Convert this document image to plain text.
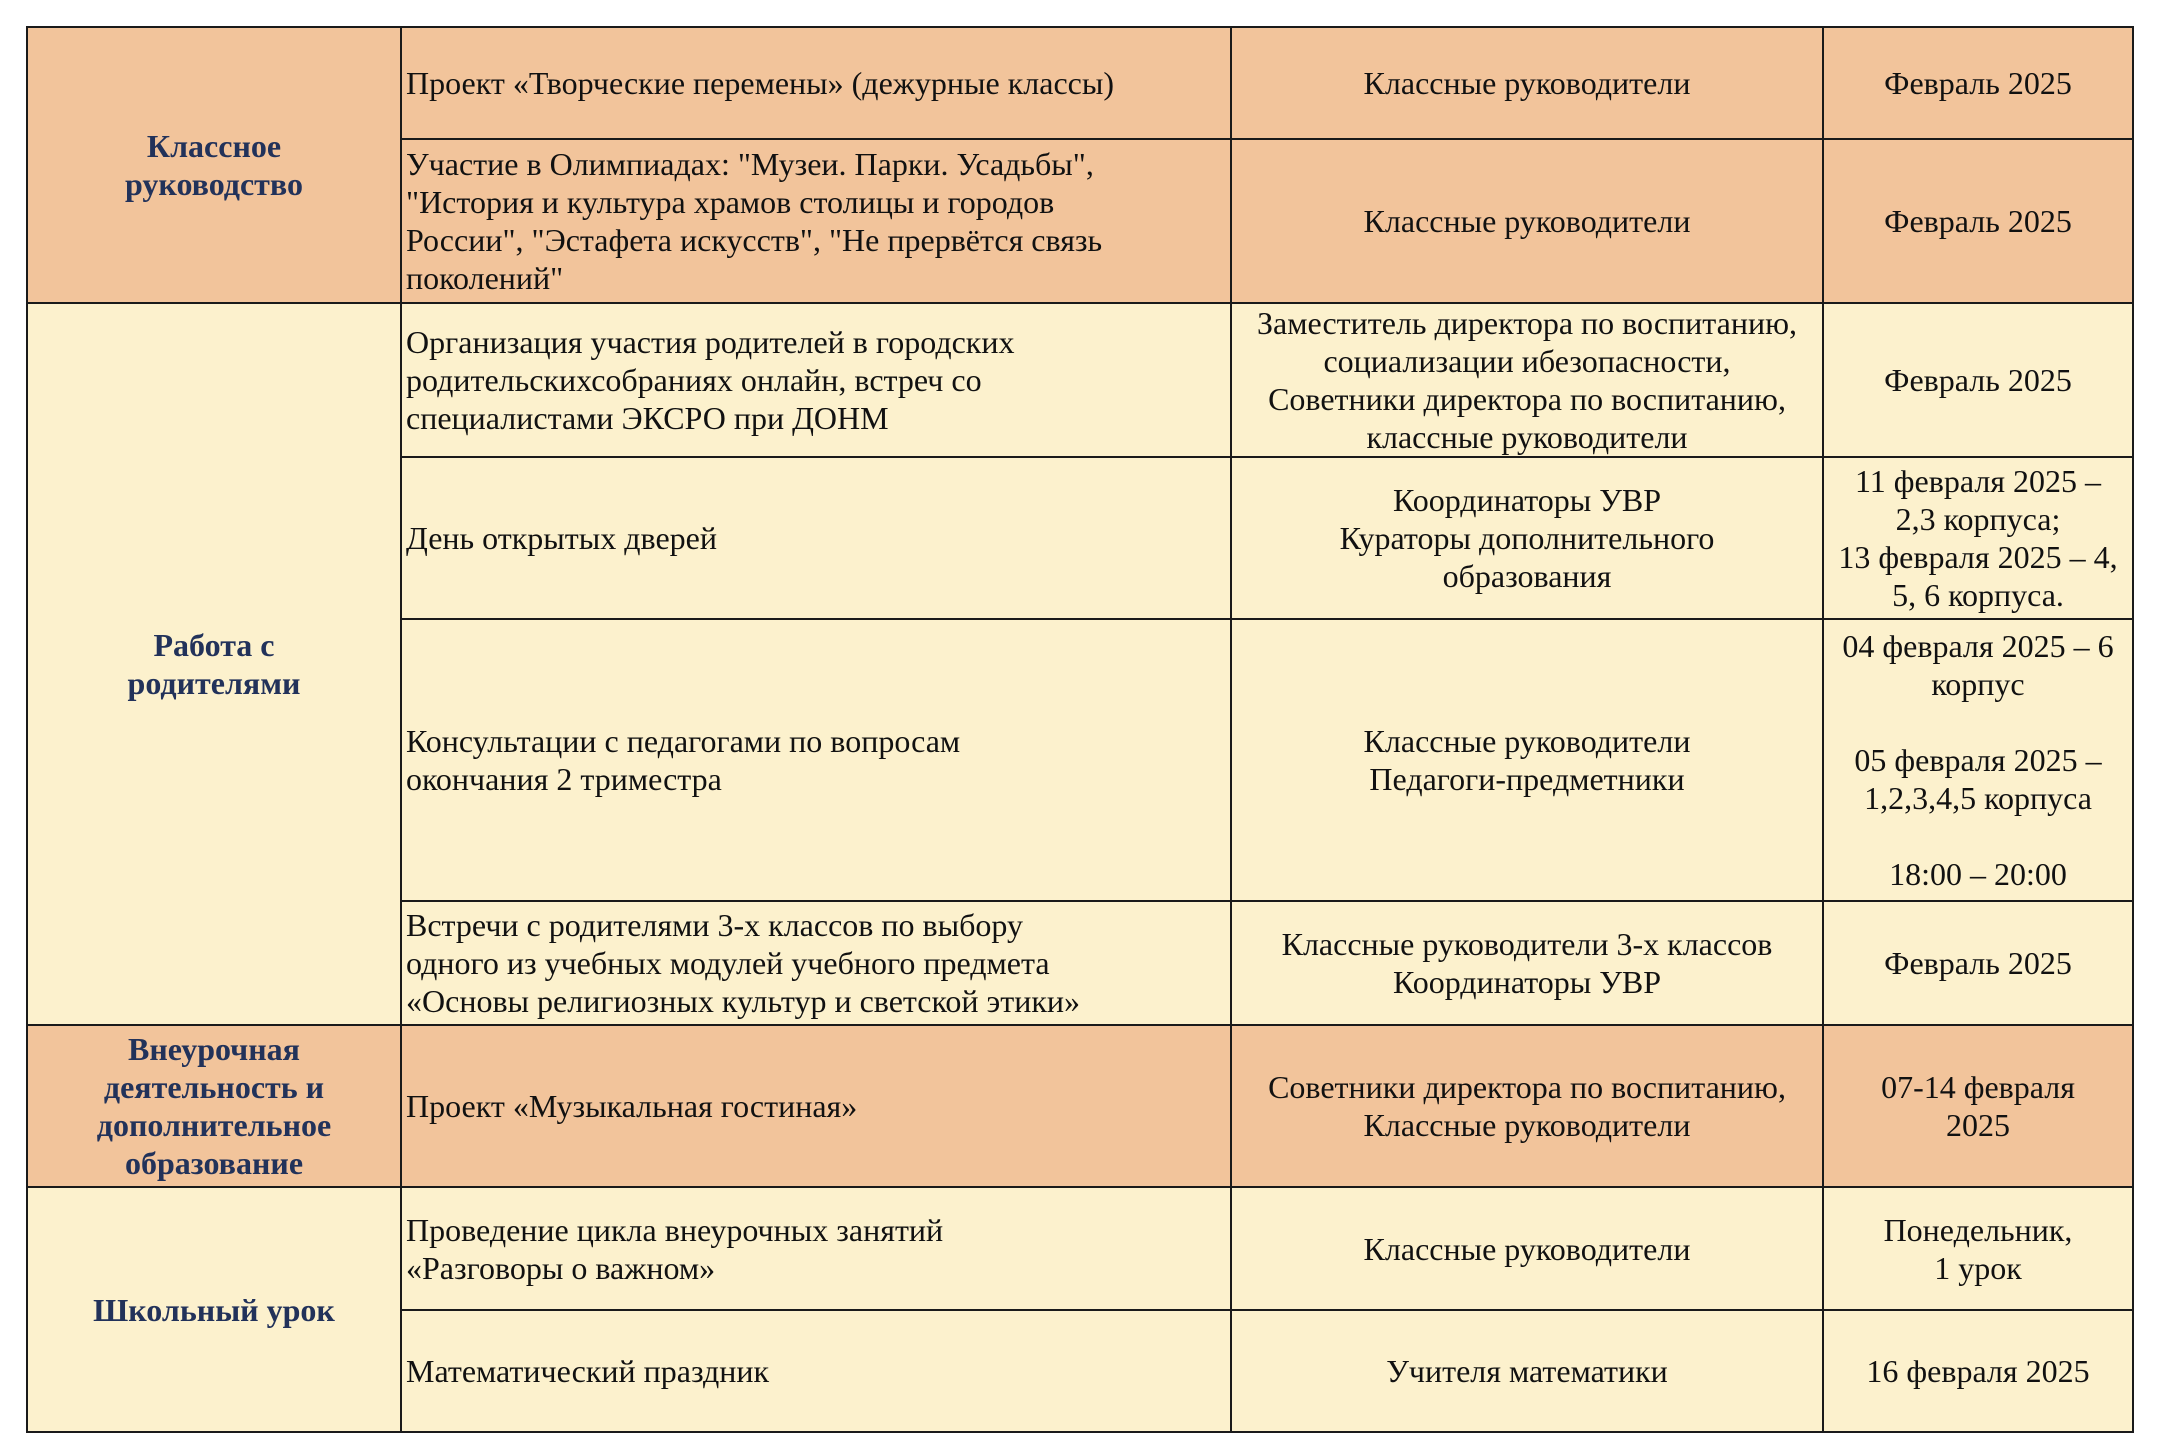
Классное
руководство	Проект «Творческие перемены» (дежурные классы)	Классные руководители	Февраль 2025

	Участие в Олимпиадах: "Музеи. Парки. Усадьбы",
"История и культура храмов столицы и городов
России", "Эстафета искусств", "Не прервётся связь
поколений"	Классные руководители	Февраль 2025

Работа с
родителями	Организация участия родителей в городских
родительскихсобраниях онлайн, встреч со
специалистами ЭКСРО при ДОНМ	Заместитель директора по воспитанию,
социализации ибезопасности,
Советники директора по воспитанию,
классные руководители	Февраль 2025

	День открытых дверей	Координаторы УВР
Кураторы дополнительного
образования	11 февраля 2025 –
2,3 корпуса;
13 февраля 2025 – 4,
5, 6 корпуса.

	Консультации с педагогами по вопросам
окончания 2 триместра	Классные руководители
Педагоги-предметники	04 февраля 2025 – 6
корпус

05 февраля 2025 –
1,2,3,4,5 корпуса

18:00 – 20:00

	Встречи с родителями 3-х классов по выбору
одного из учебных модулей учебного предмета
«Основы религиозных культур и светской этики»	Классные руководители 3-х классов
Координаторы УВР	Февраль 2025

Внеурочная
деятельность и
дополнительное
образование	Проект «Музыкальная гостиная»	Советники директора по воспитанию,
Классные руководители	07-14 февраля
2025

Школьный урок	Проведение цикла внеурочных занятий
«Разговоры о важном»	Классные руководители	Понедельник,
1 урок

	Математический праздник	Учителя математики	16 февраля 2025
